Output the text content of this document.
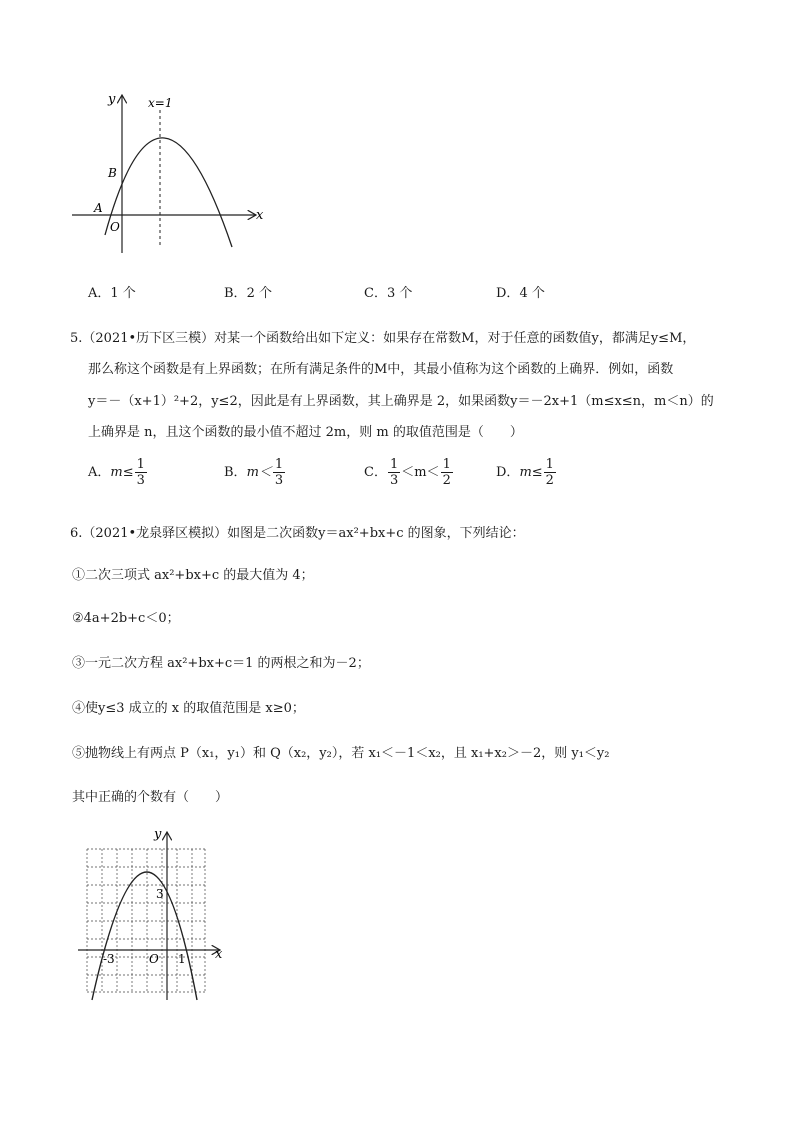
y
x
O
A
B
x=1
A．1 个	B．2 个	C．3 个	D．4 个
5.（2021•历下区三模）对某一个函数给出如下定义：如果存在常数M，对于任意的函数值y，都满足y≤M，
那么称这个函数是有上界函数；在所有满足条件的M中，其最小值称为这个函数的上确界．例如，函数
y＝－（x+1）²+2，y≤2，因此是有上界函数，其上确界是 2，如果函数y＝－2x+1（m≤x≤n，m＜n）的
上确界是 n，且这个函数的最小值不超过 2m，则 m 的取值范围是（　　）
A．$m\le \frac{1}{3}$	B．$m< \frac{1}{3}$	C． $\frac{1}{3} <m< \frac{1}{2}$	D．$m\le \frac{1}{2}$
6.（2021•龙泉驿区模拟）如图是二次函数y＝ax²+bx+c 的图象，下列结论：
①二次三项式 ax²+bx+c 的最大值为 4；
②4a+2b+c＜0；
③一元二次方程 ax²+bx+c＝1 的两根之和为－2；
④使y≤3 成立的 x 的取值范围是 x≥0；
⑤抛物线上有两点 P（x₁，y₁）和 Q（x₂，y₂），若 x₁＜－1＜x₂，且 x₁+x₂＞－2，则 y₁＜y₂
其中正确的个数有（　　）
y
x
O
-3	1
3
